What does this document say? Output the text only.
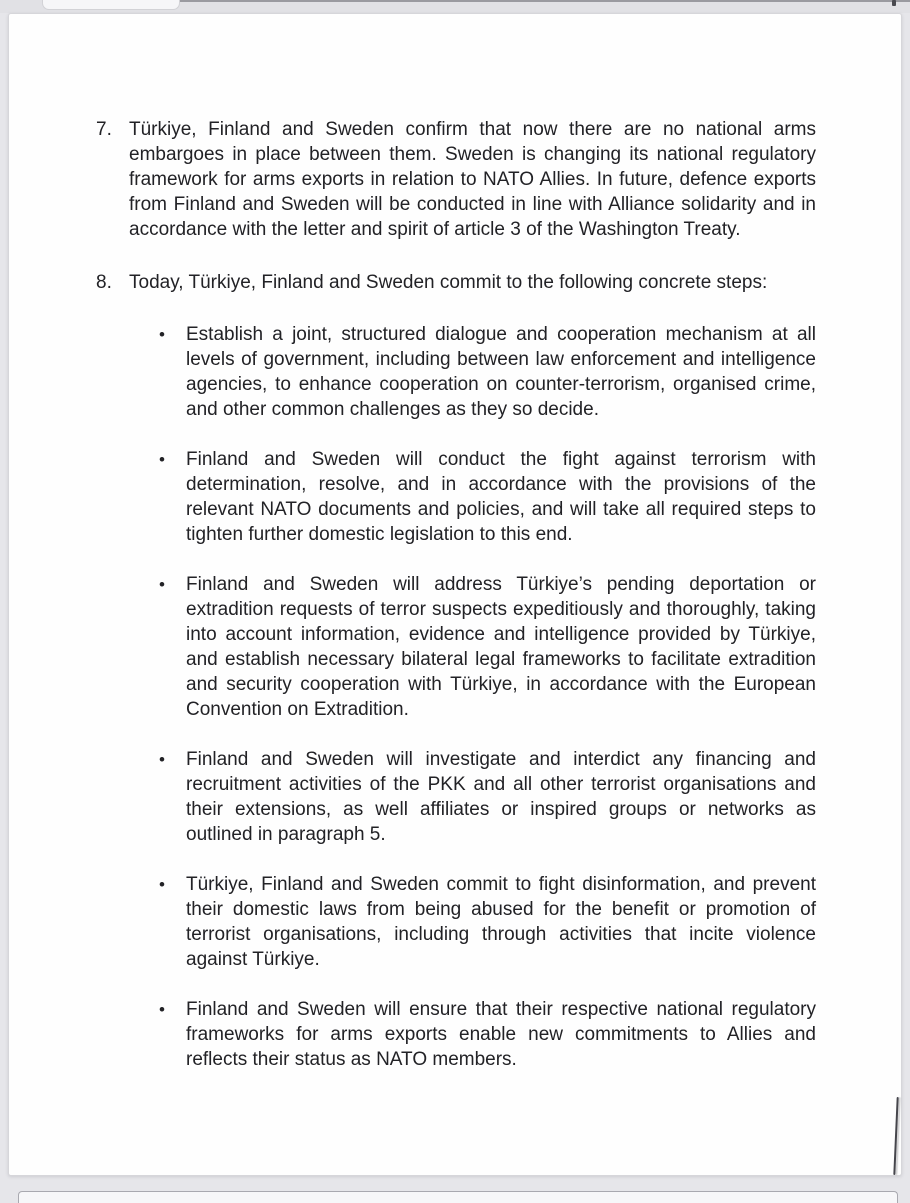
7. Türkiye, Finland and Sweden confirm that now there are no national arms embargoes in place between them. Sweden is changing its national regulatory framework for arms exports in relation to NATO Allies. In future, defence exports from Finland and Sweden will be conducted in line with Alliance solidarity and in accordance with the letter and spirit of article 3 of the Washington Treaty.
8. Today, Türkiye, Finland and Sweden commit to the following concrete steps:
•	Establish a joint, structured dialogue and cooperation mechanism at all levels of government, including between law enforcement and intelligence agencies, to enhance cooperation on counter-terrorism, organised crime, and other common challenges as they so decide.
•	Finland and Sweden will conduct the fight against terrorism with determination, resolve, and in accordance with the provisions of the relevant NATO documents and policies, and will take all required steps to tighten further domestic legislation to this end.
•	Finland and Sweden will address Türkiye’s pending deportation or extradition requests of terror suspects expeditiously and thoroughly, taking into account information, evidence and intelligence provided by Türkiye, and establish necessary bilateral legal frameworks to facilitate extradition and security cooperation with Türkiye, in accordance with the European Convention on Extradition.
•	Finland and Sweden will investigate and interdict any financing and recruitment activities of the PKK and all other terrorist organisations and their extensions, as well affiliates or inspired groups or networks as outlined in paragraph 5.
•	Türkiye, Finland and Sweden commit to fight disinformation, and prevent their domestic laws from being abused for the benefit or promotion of terrorist organisations, including through activities that incite violence against Türkiye.
•	Finland and Sweden will ensure that their respective national regulatory frameworks for arms exports enable new commitments to Allies and reflects their status as NATO members.
